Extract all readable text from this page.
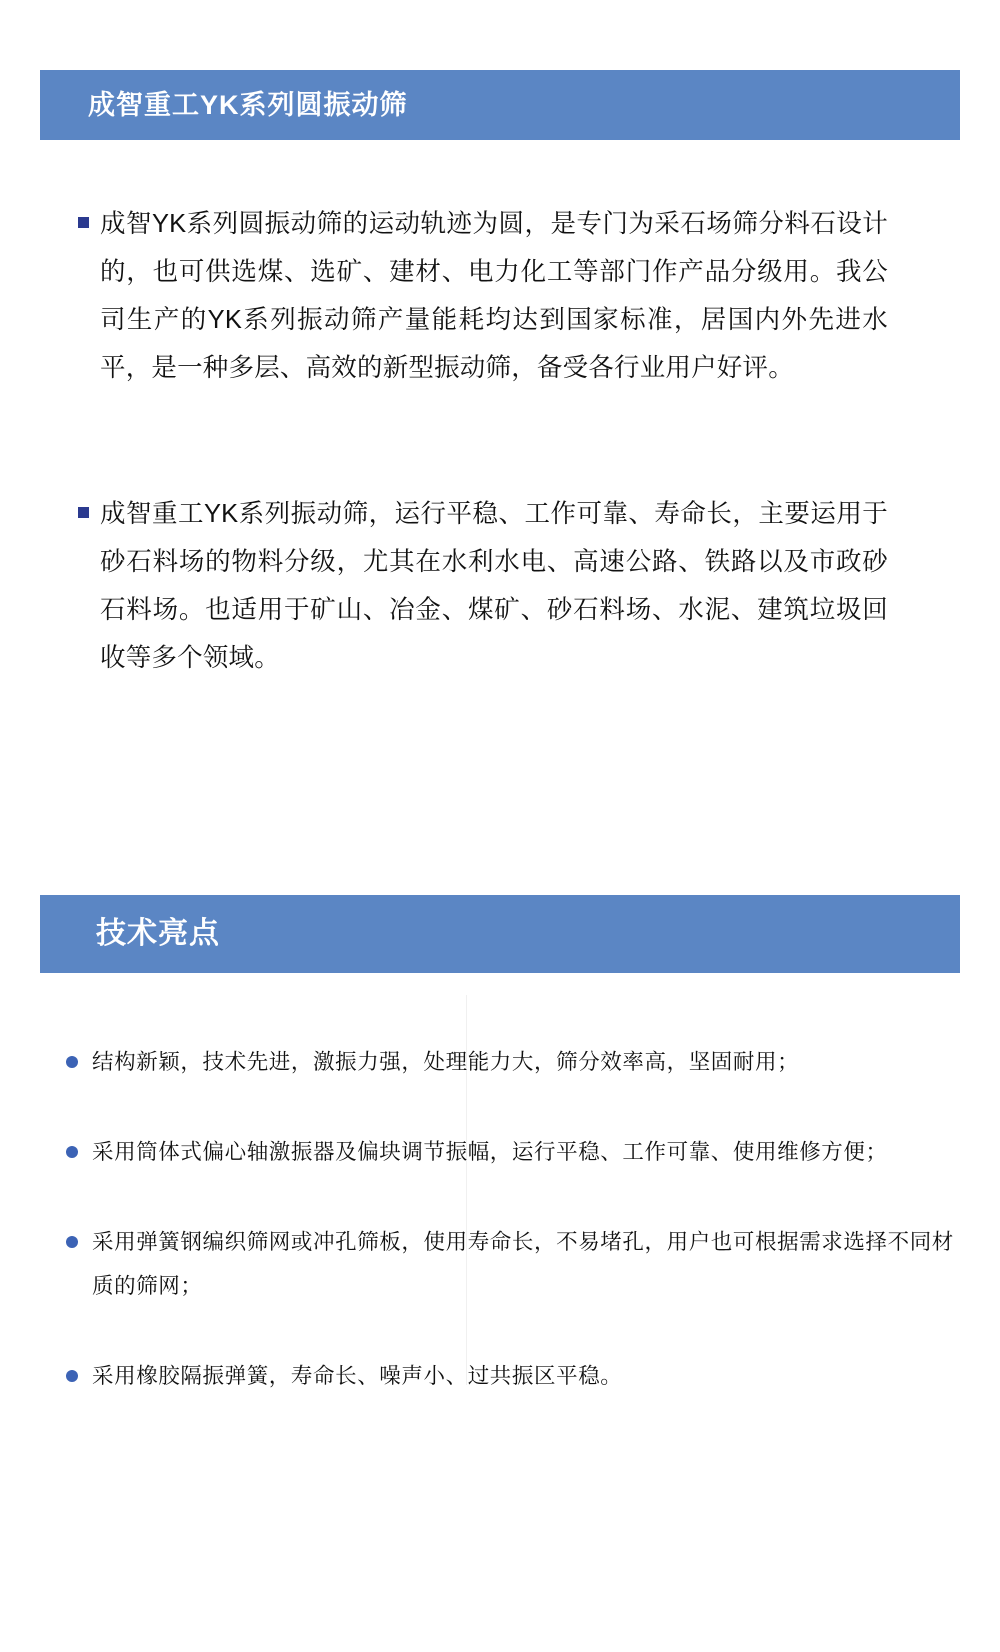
成智重工YK系列圆振动筛
成智YK系列圆振动筛的运动轨迹为圆，是专门为采石场筛分料石设计的，也可供选煤、选矿、建材、电力化工等部门作产品分级用。我公司生产的YK系列振动筛产量能耗均达到国家标准，居国内外先进水平，是一种多层、高效的新型振动筛，备受各行业用户好评。
成智重工YK系列振动筛，运行平稳、工作可靠、寿命长，主要运用于砂石料场的物料分级，尤其在水利水电、高速公路、铁路以及市政砂石料场。也适用于矿山、冶金、煤矿、砂石料场、水泥、建筑垃圾回收等多个领域。
技术亮点
结构新颖，技术先进，激振力强，处理能力大，筛分效率高，坚固耐用；
采用筒体式偏心轴激振器及偏块调节振幅，运行平稳、工作可靠、使用维修方便；
采用弹簧钢编织筛网或冲孔筛板，使用寿命长，不易堵孔，用户也可根据需求选择不同材质的筛网；
采用橡胶隔振弹簧，寿命长、噪声小、过共振区平稳。
